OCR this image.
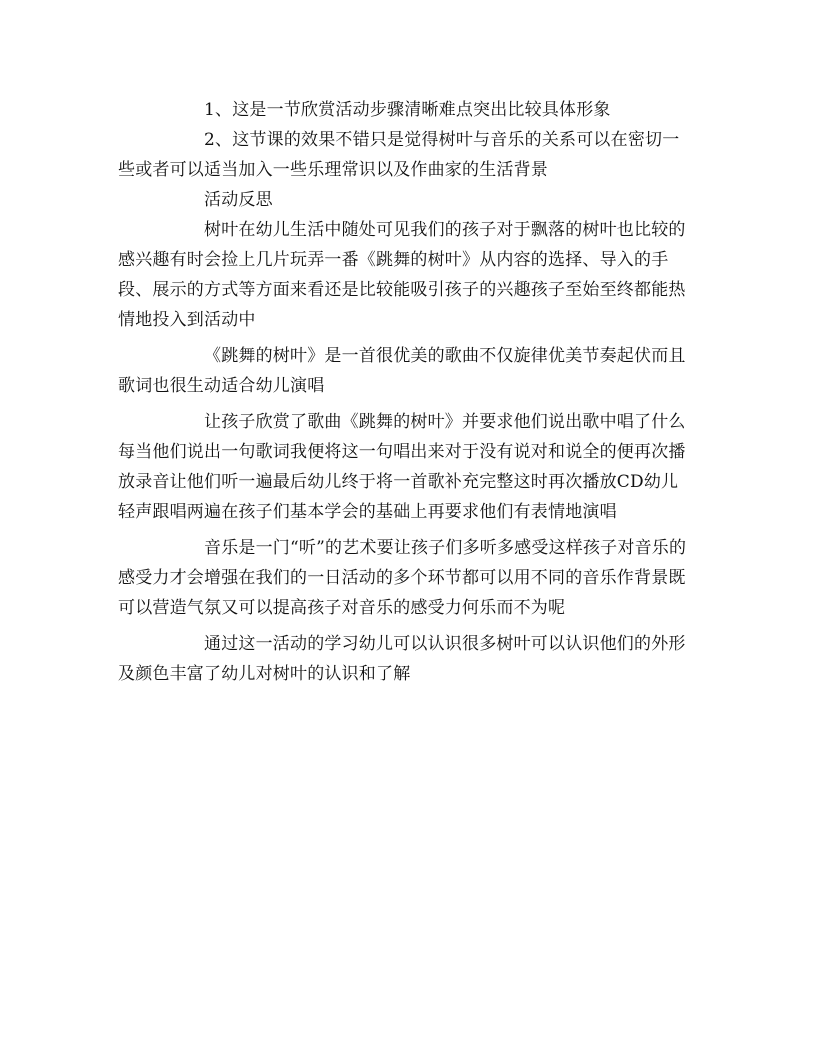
1、这是一节欣赏活动步骤清晰难点突出比较具体形象

2、这节课的效果不错只是觉得树叶与音乐的关系可以在密切一些或者可以适当加入一些乐理常识以及作曲家的生活背景

活动反思

树叶在幼儿生活中随处可见我们的孩子对于飘落的树叶也比较的感兴趣有时会捡上几片玩弄一番《跳舞的树叶》从内容的选择、导入的手段、展示的方式等方面来看还是比较能吸引孩子的兴趣孩子至始至终都能热情地投入到活动中

《跳舞的树叶》是一首很优美的歌曲不仅旋律优美节奏起伏而且歌词也很生动适合幼儿演唱

让孩子欣赏了歌曲《跳舞的树叶》并要求他们说出歌中唱了什么每当他们说出一句歌词我便将这一句唱出来对于没有说对和说全的便再次播放录音让他们听一遍最后幼儿终于将一首歌补充完整这时再次播放CD幼儿轻声跟唱两遍在孩子们基本学会的基础上再要求他们有表情地演唱

音乐是一门“听”的艺术要让孩子们多听多感受这样孩子对音乐的感受力才会增强在我们的一日活动的多个环节都可以用不同的音乐作背景既可以营造气氛又可以提高孩子对音乐的感受力何乐而不为呢

通过这一活动的学习幼儿可以认识很多树叶可以认识他们的外形及颜色丰富了幼儿对树叶的认识和了解
